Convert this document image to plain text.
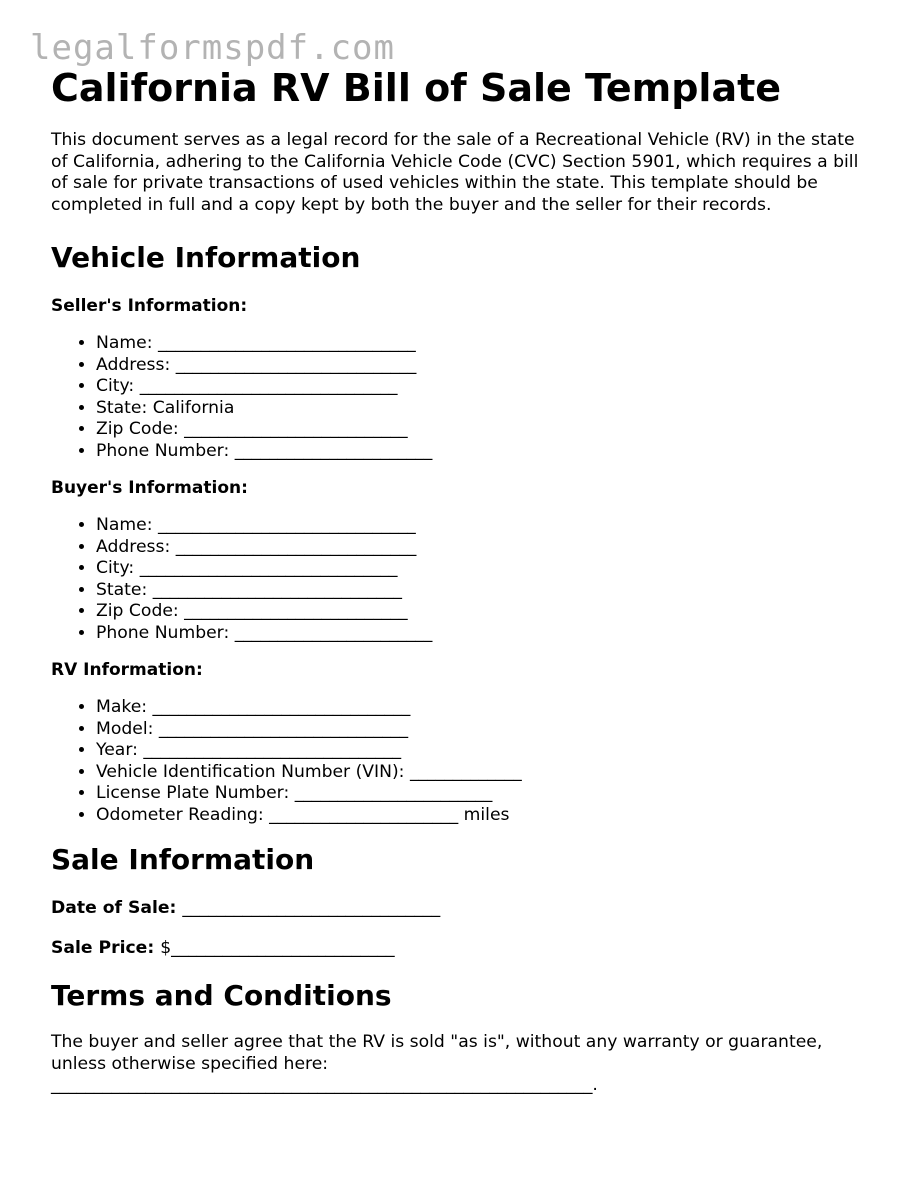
legalformspdf.com
California RV Bill of Sale Template

This document serves as a legal record for the sale of a Recreational Vehicle (RV) in the state of California, adhering to the California Vehicle Code (CVC) Section 5901, which requires a bill of sale for private transactions of used vehicles within the state. This template should be completed in full and a copy kept by both the buyer and the seller for their records.

Vehicle Information
Seller's Information:
• Name: ______________________________
• Address: ____________________________
• City: ______________________________
• State: California
• Zip Code: __________________________
• Phone Number: _______________________
Buyer's Information:
• Name: ______________________________
• Address: ____________________________
• City: ______________________________
• State: _____________________________
• Zip Code: __________________________
• Phone Number: _______________________
RV Information:
• Make: ______________________________
• Model: _____________________________
• Year: ______________________________
• Vehicle Identification Number (VIN): _____________
• License Plate Number: _______________________
• Odometer Reading: ______________________ miles
Sale Information
Date of Sale: ______________________________
Sale Price: $__________________________
Terms and Conditions

The buyer and seller agree that the RV is sold "as is", without any warranty or guarantee, unless otherwise specified here: _______________________________________________________________.
